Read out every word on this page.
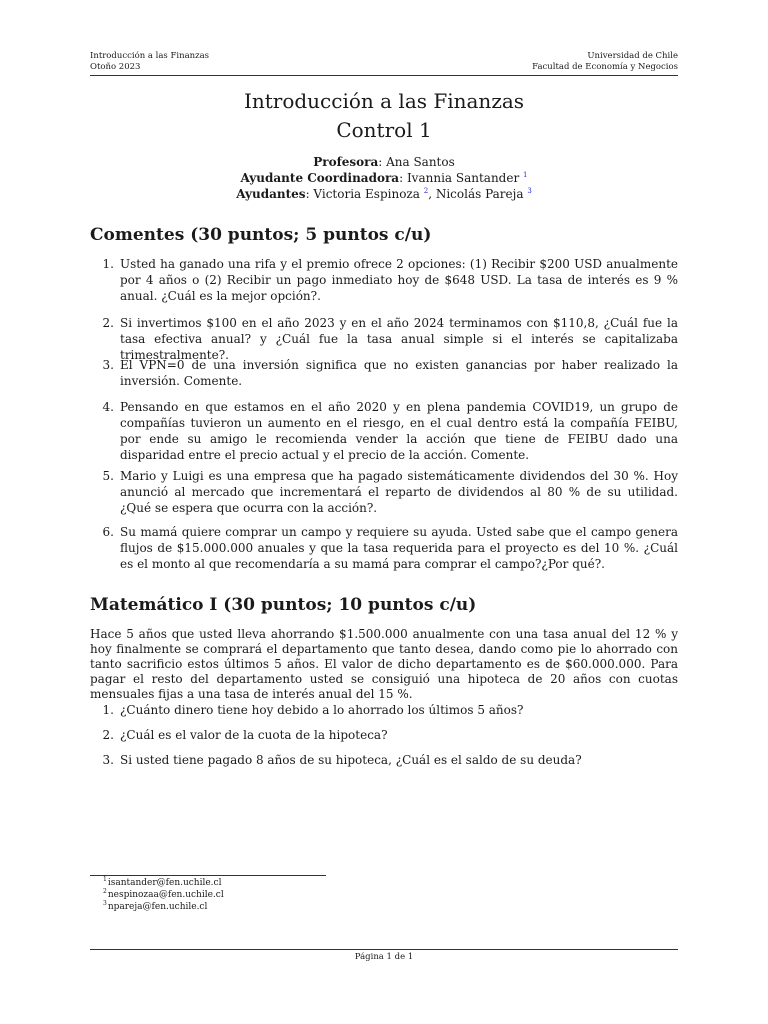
Introducción a las Finanzas
Otoño 2023
Universidad de Chile
Facultad de Economía y Negocios
Introducción a las Finanzas
Control 1
Profesora: Ana Santos
Ayudante Coordinadora: Ivannia Santander $^1$
Ayudantes: Victoria Espinoza $^2$, Nicolás Pareja $^3$
Comentes (30 puntos; 5 puntos c/u)
1. Usted ha ganado una rifa y el premio ofrece 2 opciones: (1) Recibir $200 USD anualmente por 4 años o (2) Recibir un pago inmediato hoy de $648 USD. La tasa de interés es 9 % anual. ¿Cuál es la mejor opción?.
2. Si invertimos $100 en el año 2023 y en el año 2024 terminamos con $110,8, ¿Cuál fue la tasa efectiva anual? y ¿Cuál fue la tasa anual simple si el interés se capitalizaba trimestralmente?.
3. El VPN=0 de una inversión significa que no existen ganancias por haber realizado la inversión. Comente.
4. Pensando en que estamos en el año 2020 y en plena pandemia COVID19, un grupo de compañías tuvieron un aumento en el riesgo, en el cual dentro está la compañía FEIBU, por ende su amigo le recomienda vender la acción que tiene de FEIBU dado una disparidad entre el precio actual y el precio de la acción. Comente.
5. Mario y Luigi es una empresa que ha pagado sistemáticamente dividendos del 30 %. Hoy anunció al mercado que incrementará el reparto de dividendos al 80 % de su utilidad. ¿Qué se espera que ocurra con la acción?.
6. Su mamá quiere comprar un campo y requiere su ayuda. Usted sabe que el campo genera flujos de $15.000.000 anuales y que la tasa requerida para el proyecto es del 10 %. ¿Cuál es el monto al que recomendaría a su mamá para comprar el campo?¿Por qué?.
Matemático I (30 puntos; 10 puntos c/u)
Hace 5 años que usted lleva ahorrando $1.500.000 anualmente con una tasa anual del 12 % y hoy finalmente se comprará el departamento que tanto desea, dando como pie lo ahorrado con tanto sacrificio estos últimos 5 años. El valor de dicho departamento es de $60.000.000. Para pagar el resto del departamento usted se consiguió una hipoteca de 20 años con cuotas mensuales fijas a una tasa de interés anual del 15 %.
1. ¿Cuánto dinero tiene hoy debido a lo ahorrado los últimos 5 años?
2. ¿Cuál es el valor de la cuota de la hipoteca?
3. Si usted tiene pagado 8 años de su hipoteca, ¿Cuál es el saldo de su deuda?
$^1$isantander@fen.uchile.cl
$^2$nespinozaa@fen.uchile.cl
$^3$npareja@fen.uchile.cl
Página 1 de 1
